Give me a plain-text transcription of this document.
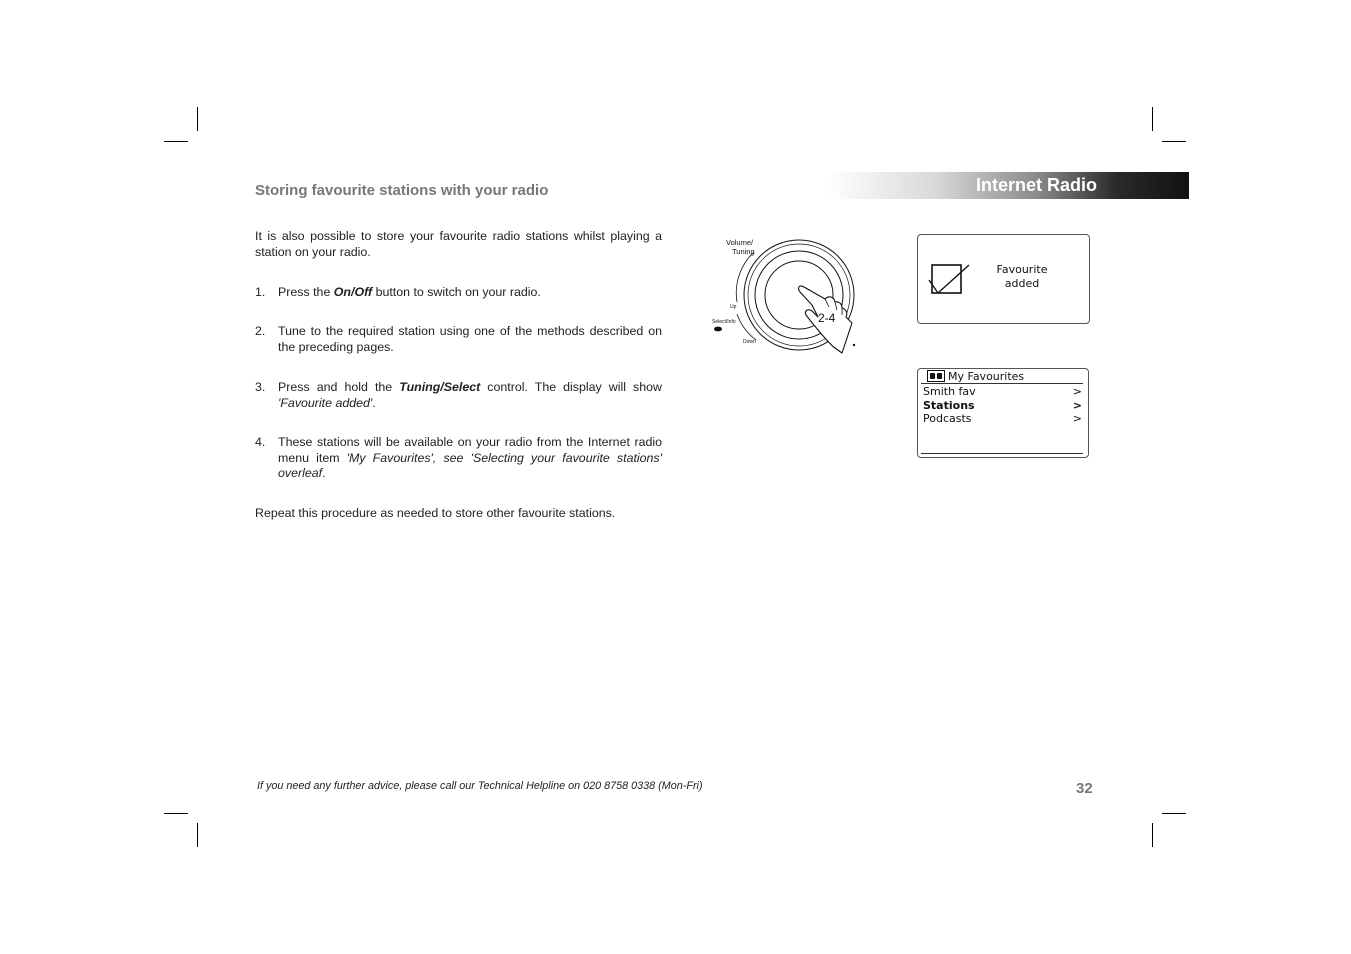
Storing favourite stations with your radio	Internet Radio
It is also possible to store your favourite radio stations whilst playing a station on your radio.
1.	Press the On/Off button to switch on your radio.
2.	Tune to the required station using one of the methods described on the preceding pages.
3.	Press and hold the Tuning/Select control. The display will show 'Favourite added'.
4.	These stations will be available on your radio from the Internet radio menu item 'My Favourites', see 'Selecting your favourite stations' overleaf.
Repeat this procedure as needed to store other favourite stations.
Volume/
Tuning
Up
Select/Info
Down
2-4
Favourite
added
My Favourites
Smith fav	>
Stations	>
Podcasts	>
If you need any further advice, please call our Technical Helpline on 020 8758 0338 (Mon-Fri)	32
